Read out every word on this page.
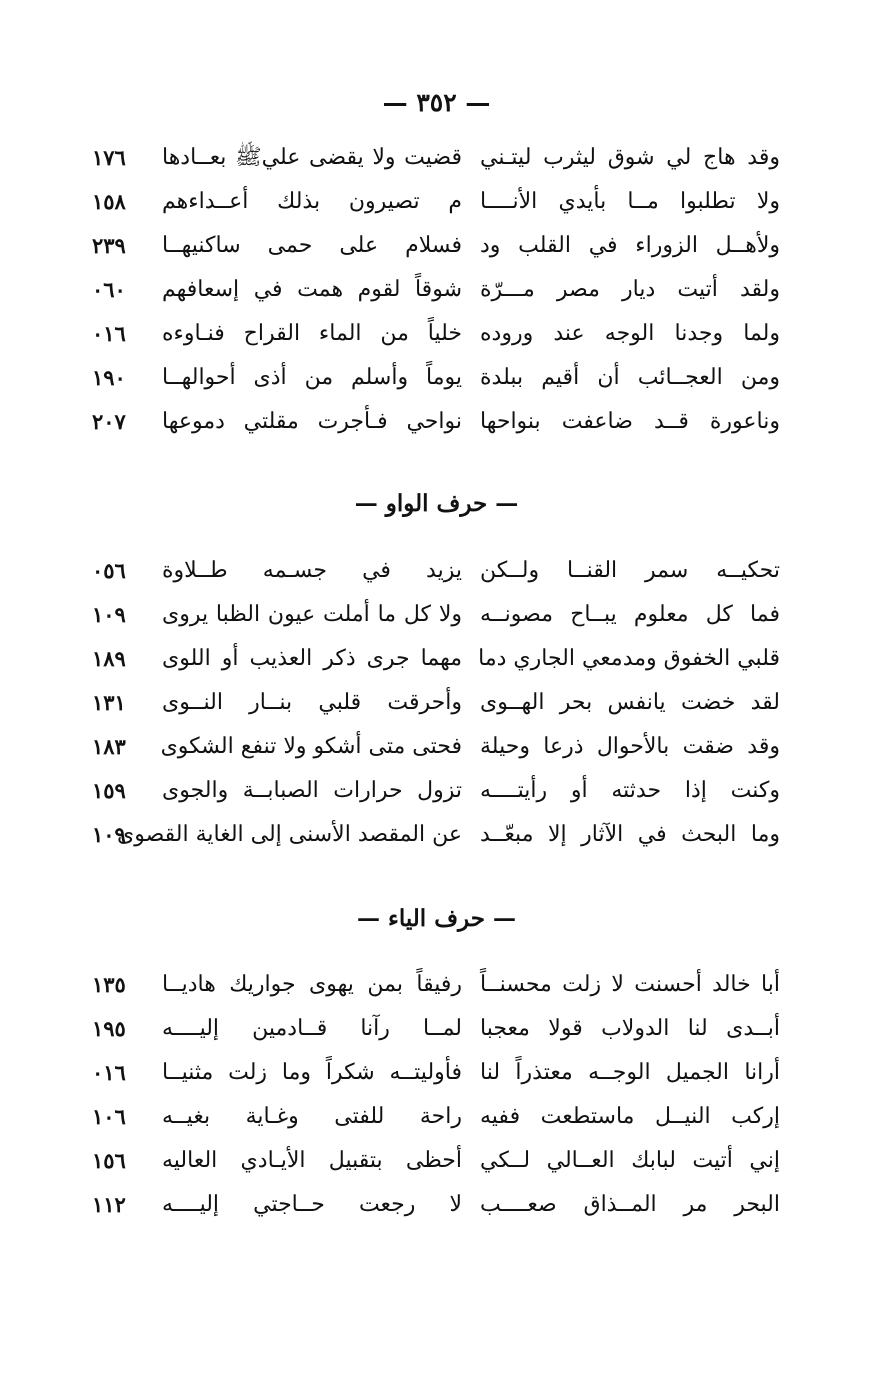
— ٣٥٢ —
وقد هاج لي شوق ليثرب ليتـني
قضيت ولا يقضى عليﷺ بعــادها
١٧٦
ولا تطلبوا مــا بأيدي الأنــــا
م تصيرون بذلك أعــداءهم
١٥٨
ولأهــل الزوراء في القلب ود
فسلام على حمى ساكنيهــا
٢٣٩
ولقد أتيت ديار مصر مـــرّة
شوقاً لقوم همت في إسعافهم
٠٦٠
ولما وجدنا الوجه عند وروده
خلياً من الماء القراح فنـاوءه
٠١٦
ومن العجــائب أن أقيم ببلدة
يوماً وأسلم من أذى أحوالهــا
١٩٠
وناعورة قــد ضاعفت بنواحها
نواحي فـأجرت مقلتي دموعها
٢٠٧
— حرف الواو —
تحكيــه سمر القنــا ولــكن
يزيد في جسـمه طــلاوة
٠٥٦
فما كل معلوم يبــاح مصونــه
ولا كل ما أملت عيون الظبا يروى
١٠٩
قلبي الخفوق ومدمعي الجاري دما
مهما جرى ذكر العذيب أو اللوى
١٨٩
لقد خضت يانفس بحر الهــوى
وأحرقت قلبي بنــار النــوى
١٣١
وقد ضقت بالأحوال ذرعا وحيلة
فحتى متى أشكو ولا تنفع الشكوى
١٨٣
وكنت إذا حدثته أو رأيتــــه
تزول حرارات الصبابــة والجوى
١٥٩
وما البحث في الآثار إلا مبعّــد
عن المقصد الأسنى إلى الغاية القصوى
١٠٩
— حرف الياء —
أبا خالد أحسنت لا زلت محسنــاً
رفيقاً بمن يهوى جواريك هاديــا
١٣٥
أبــدى لنا الدولاب قولا معجبا
لمــا رآنا قــادمين إليــــه
١٩٥
أرانا الجميل الوجــه معتذراً لنا
فأوليتــه شكراً وما زلت مثنيــا
٠١٦
إركب النيــل ماستطعت ففيه
راحة للفتى وغـاية بغيــه
١٠٦
إني أتيت لبابك العــالي لــكي
أحظى بتقبيل الأيـادي العاليه
١٥٦
البحر مر المــذاق صعــــب
لا رجعت حــاجتي إليــــه
١١٢
